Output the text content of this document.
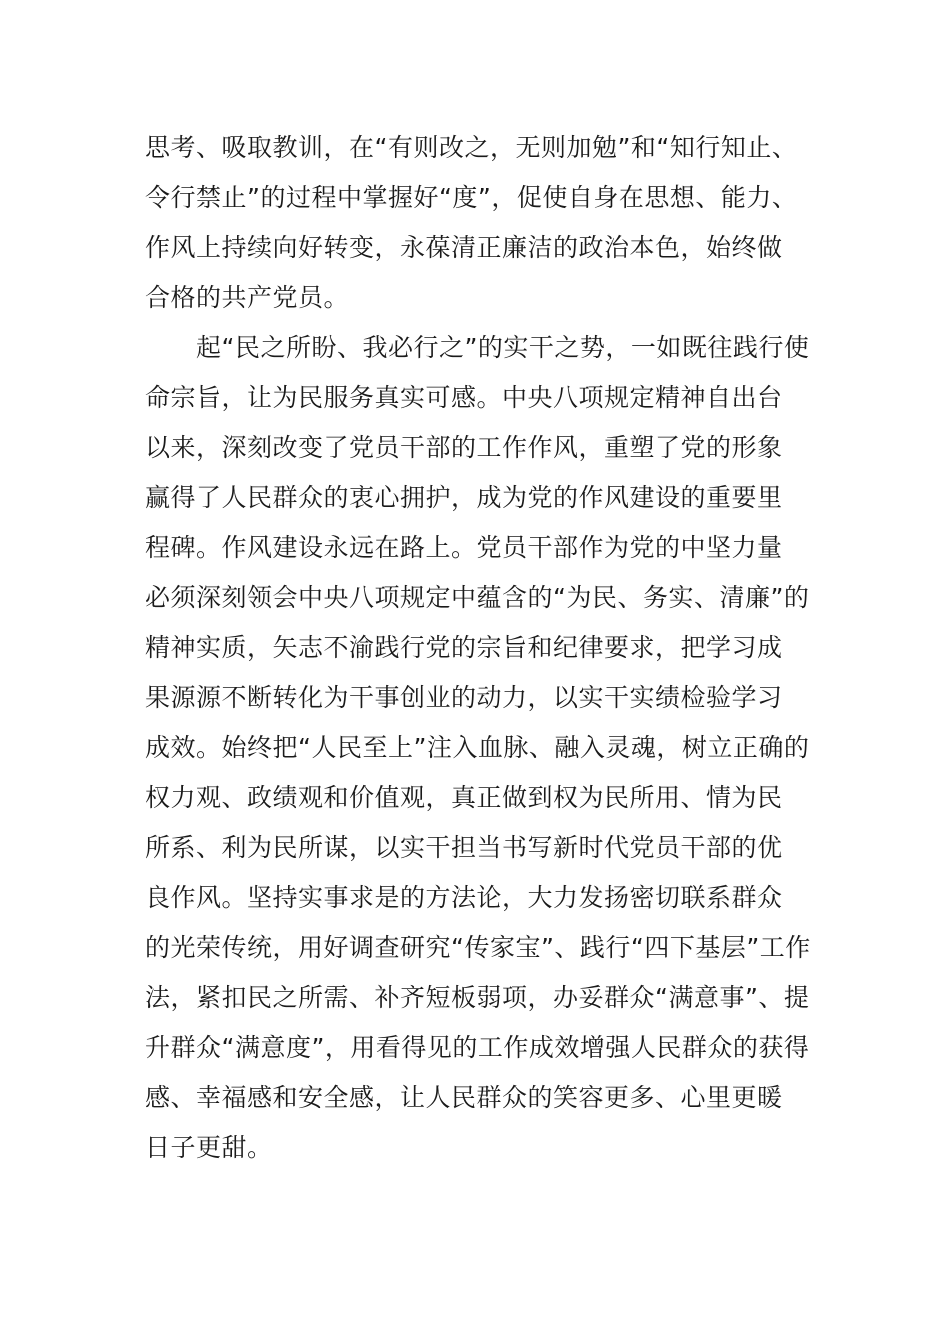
思考、吸取教训，在“有则改之，无则加勉”和“知行知止、
令行禁止”的过程中掌握好“度”，促使自身在思想、能力、
作风上持续向好转变，永葆清正廉洁的政治本色，始终做
合格的共产党员。
　　起“民之所盼、我必行之”的实干之势，一如既往践行使
命宗旨，让为民服务真实可感。中央八项规定精神自出台
以来，深刻改变了党员干部的工作作风，重塑了党的形象
赢得了人民群众的衷心拥护，成为党的作风建设的重要里
程碑。作风建设永远在路上。党员干部作为党的中坚力量
必须深刻领会中央八项规定中蕴含的“为民、务实、清廉”的
精神实质，矢志不渝践行党的宗旨和纪律要求，把学习成
果源源不断转化为干事创业的动力，以实干实绩检验学习
成效。始终把“人民至上”注入血脉、融入灵魂，树立正确的
权力观、政绩观和价值观，真正做到权为民所用、情为民
所系、利为民所谋，以实干担当书写新时代党员干部的优
良作风。坚持实事求是的方法论，大力发扬密切联系群众
的光荣传统，用好调查研究“传家宝”、践行“四下基层”工作
法，紧扣民之所需、补齐短板弱项，办妥群众“满意事”、提
升群众“满意度”，用看得见的工作成效增强人民群众的获得
感、幸福感和安全感，让人民群众的笑容更多、心里更暖
日子更甜。
